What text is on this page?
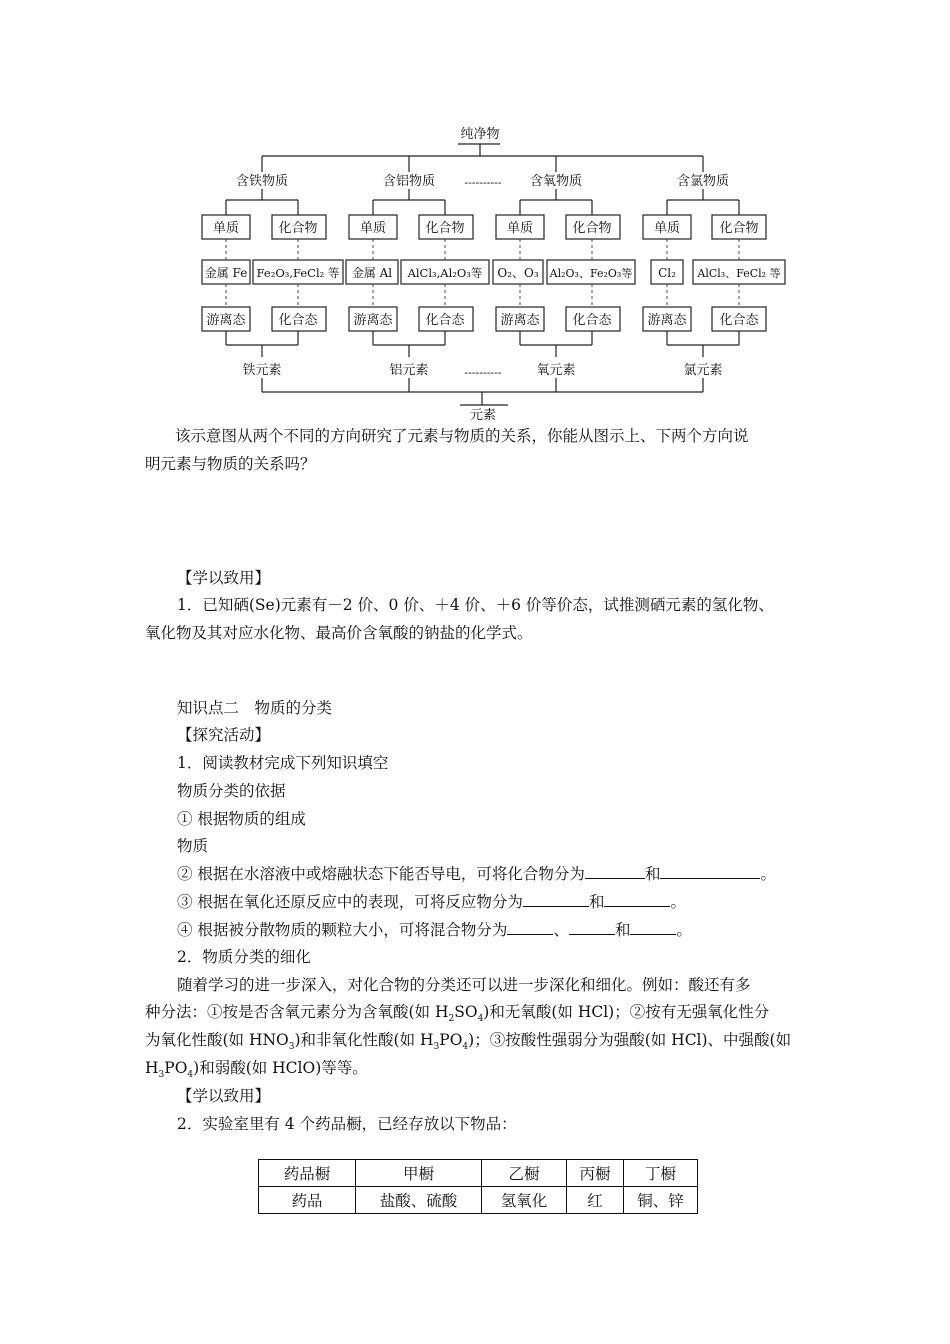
纯净物
元素
----------
----------
含铁物质
单质	化合物
金属 Fe Fe₂O₃,FeCl₂ 等
游离态	化合态
铁元素
含铝物质
单质	化合物
金属 Al AlCl₃,Al₂O₃等
游离态	化合态
铝元素
含氧物质
单质	化合物
O₂、O₃ Al₂O₃、Fe₂O₃等
游离态	化合态
氧元素
含氯物质
单质	化合物
Cl₂ AlCl₃、FeCl₂ 等
游离态	化合态
氯元素
该示意图从两个不同的方向研究了元素与物质的关系，你能从图示上、下两个方向说
明元素与物质的关系吗？
【学以致用】
1．已知硒(Se)元素有－2 价、0 价、＋4 价、＋6 价等价态，试推测硒元素的氢化物、
氧化物及其对应水化物、最高价含氧酸的钠盐的化学式。
知识点二　物质的分类
【探究活动】
1．阅读教材完成下列知识填空
物质分类的依据
① 根据物质的组成
物质
② 根据在水溶液中或熔融状态下能否导电，可将化合物分为	和	。
③ 根据在氧化还原反应中的表现，可将反应物分为	和	。
④ 根据被分散物质的颗粒大小，可将混合物分为	、	和	。
2．物质分类的细化
随着学习的进一步深入，对化合物的分类还可以进一步深化和细化。例如：酸还有多
种分法：①按是否含氧元素分为含氧酸(如 $H_2SO_4$)和无氧酸(如 HCl)；②按有无强氧化性分
为氧化性酸(如 $HNO_3$)和非氧化性酸(如 $H_3PO_4$)；③按酸性强弱分为强酸(如 HCl)、中强酸(如
$H_3PO_4$)和弱酸(如 HClO)等等。
【学以致用】
2．实验室里有 4 个药品橱，已经存放以下物品：
药品橱	甲橱	乙橱	丙橱	丁橱
药品	盐酸、硫酸	氢氧化	红	铜、锌
